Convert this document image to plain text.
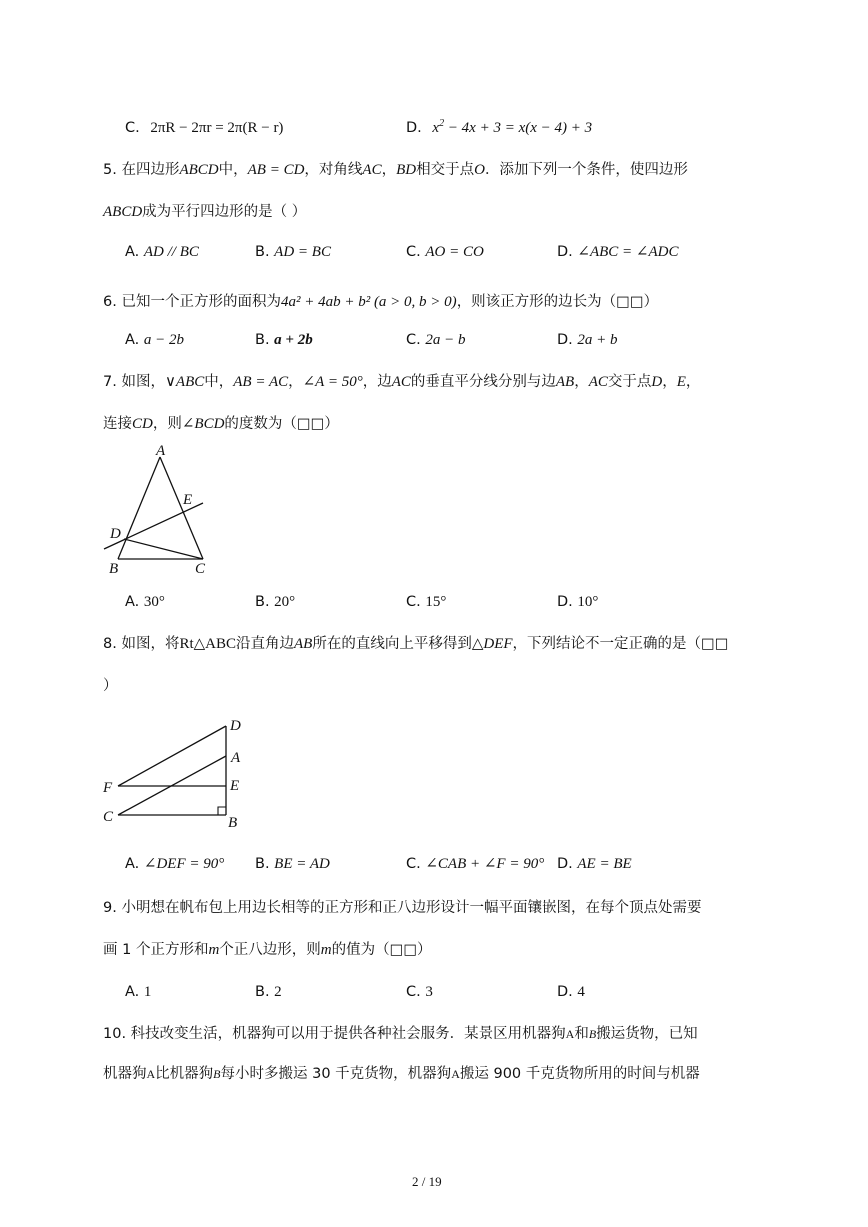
C. 2πR − 2πr = 2π(R − r)	D. $x^2 - 4x + 3 = x(x - 4) + 3$
5. 在四边形ABCD中，AB = CD，对角线AC，BD相交于点O．添加下列一个条件，使四边形
ABCD成为平行四边形的是（ ）
A. AD // BC	B. AD = BC	C. AO = CO	D. ∠ABC = ∠ADC
6. 已知一个正方形的面积为4a² + 4ab + b² (a > 0, b > 0)，则该正方形的边长为（□□）
A. a − 2b	B. a + 2b	C. 2a − b	D. 2a + b
7. 如图，∨ABC中，AB = AC，∠A = 50°，边AC的垂直平分线分别与边AB，AC交于点D，E，
连接CD，则∠BCD的度数为（□□）
A
E
D
B	C
A. 30°	B. 20°	C. 15°	D. 10°
8. 如图，将Rt△ABC沿直角边AB所在的直线向上平移得到△DEF，下列结论不一定正确的是（□□
）
D
A
F	E
C	B
A. ∠DEF = 90° B. BE = AD	C. ∠CAB + ∠F = 90° D. AE = BE
9. 小明想在帆布包上用边长相等的正方形和正八边形设计一幅平面镶嵌图，在每个顶点处需要
画 1 个正方形和m个正八边形，则m的值为（□□）
A. 1	B. 2	C. 3	D. 4
10. 科技改变生活，机器狗可以用于提供各种社会服务．某景区用机器狗A和B搬运货物，已知
机器狗A比机器狗B每小时多搬运 30 千克货物，机器狗A搬运 900 千克货物所用的时间与机器
2 / 19
